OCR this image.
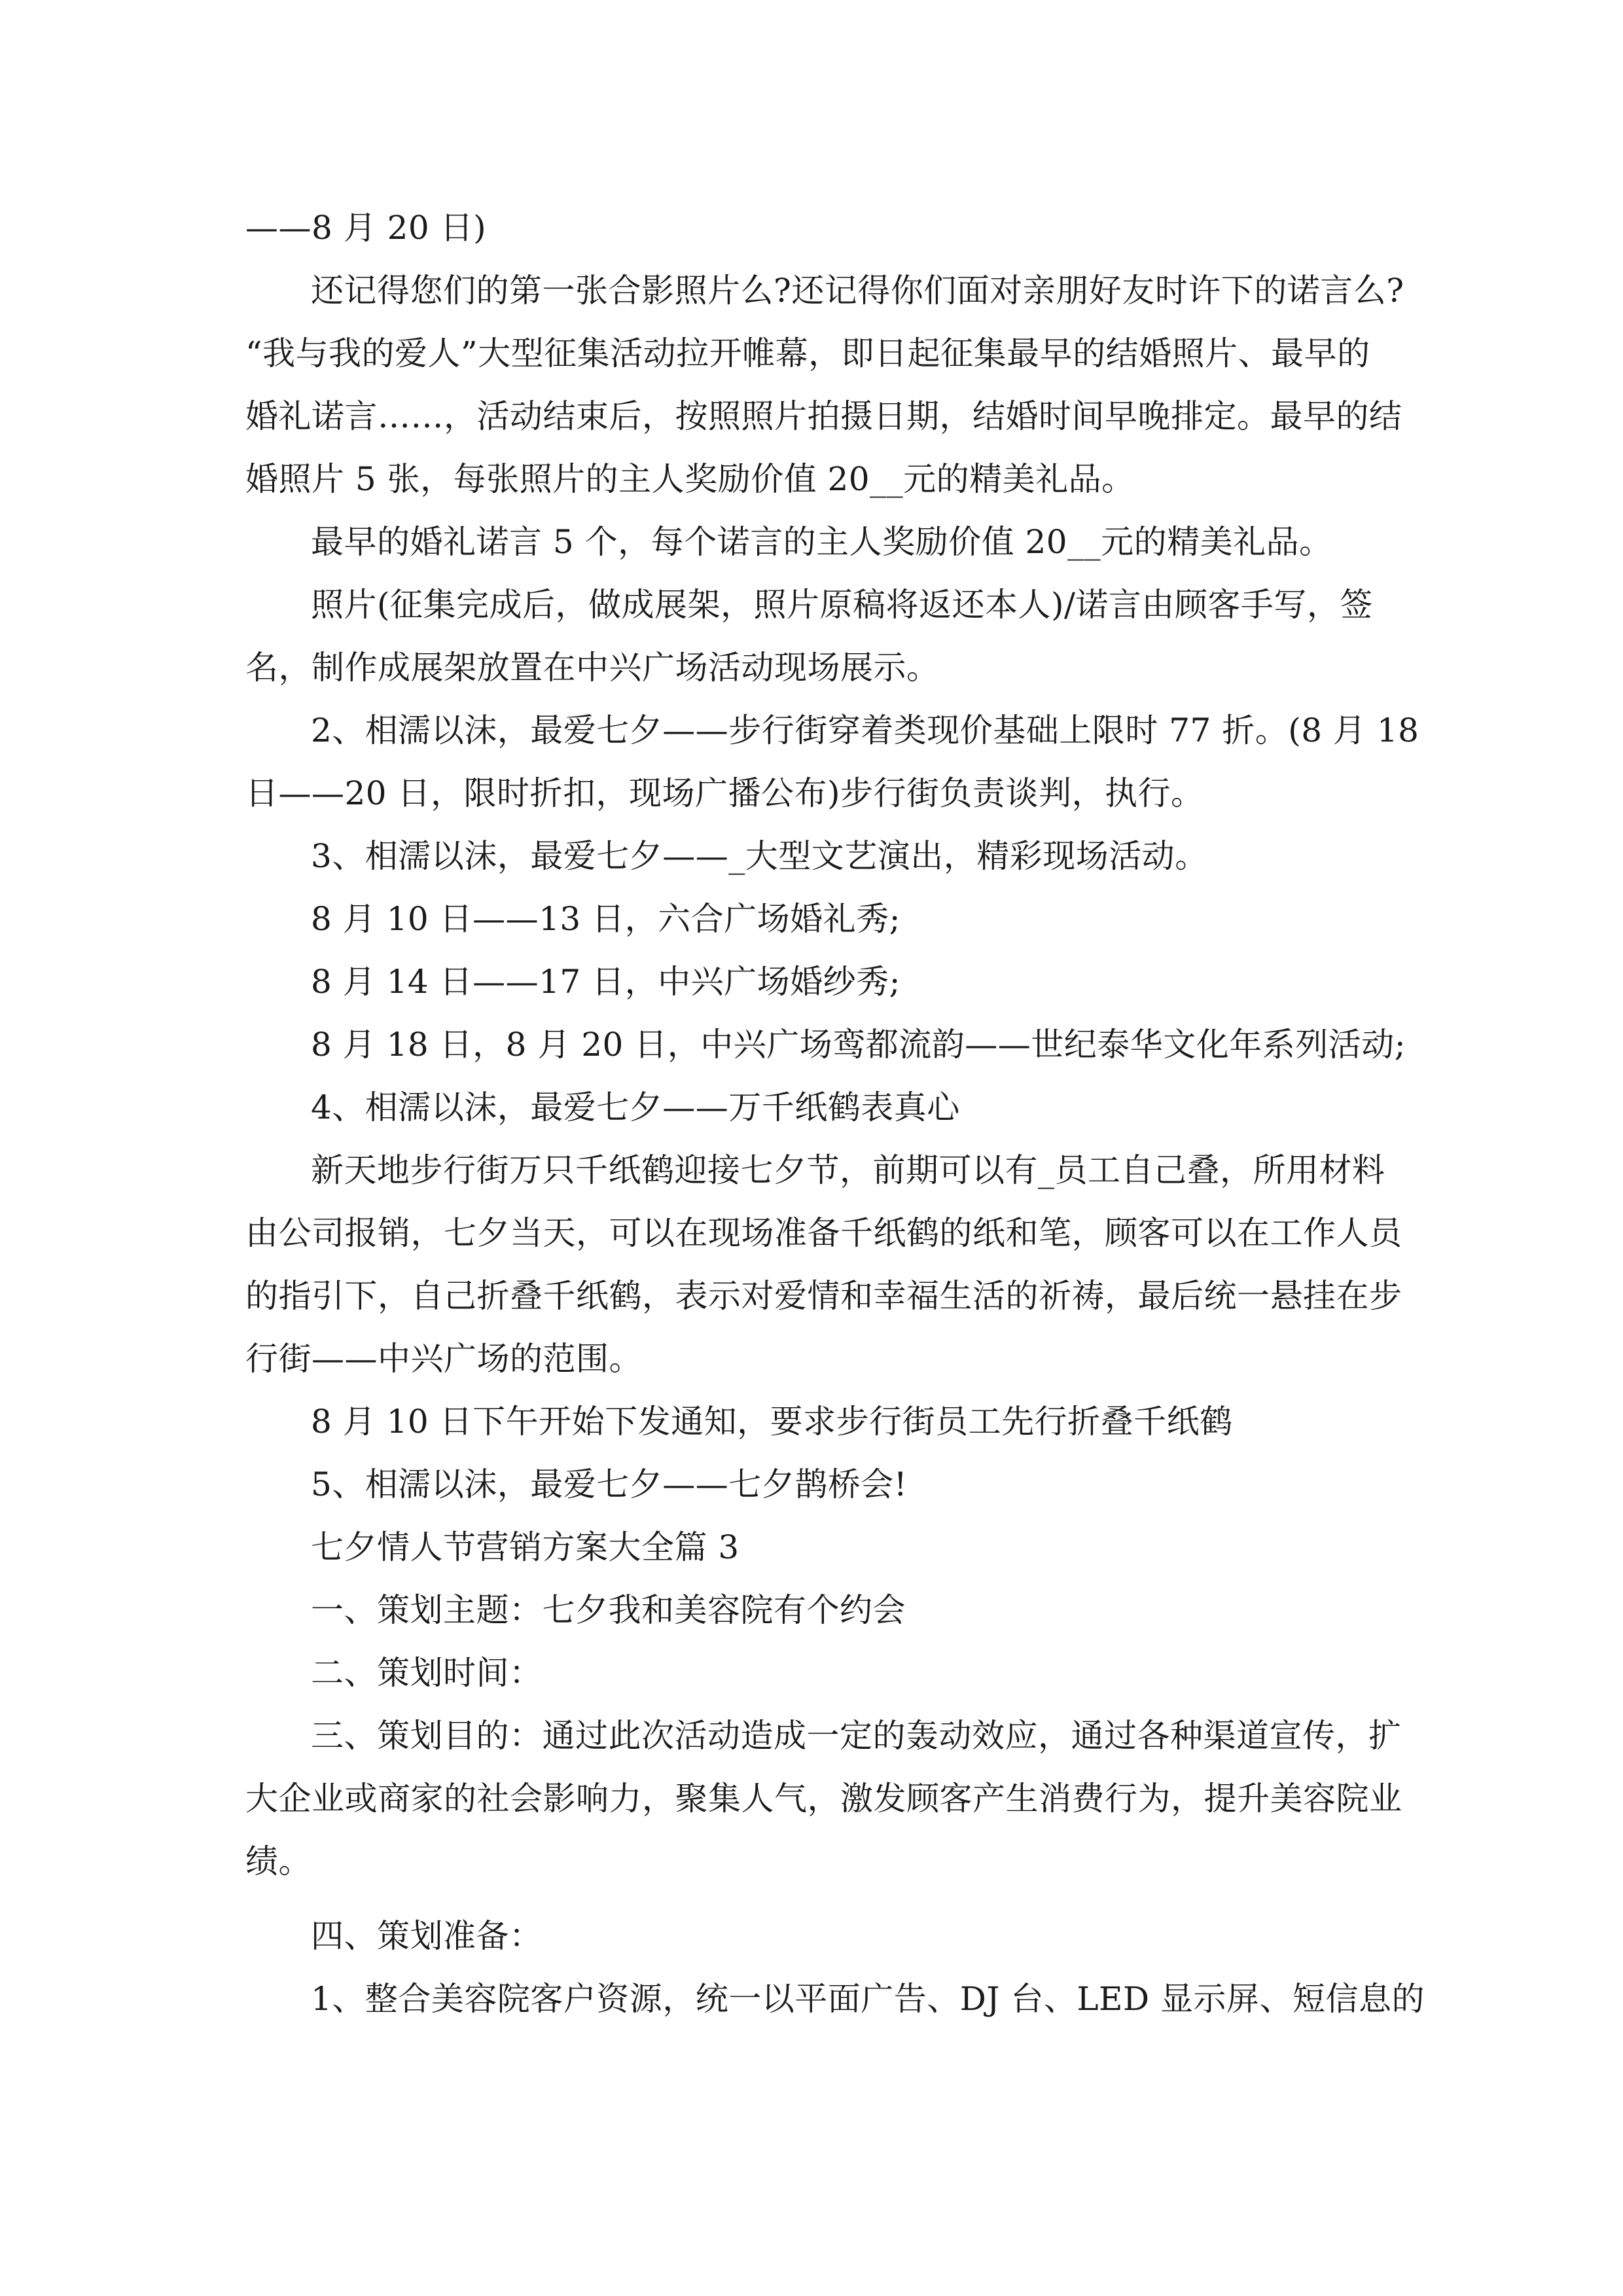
——8 月 20 日)
还记得您们的第一张合影照片么?还记得你们面对亲朋好友时许下的诺言么?
“我与我的爱人”大型征集活动拉开帷幕，即日起征集最早的结婚照片、最早的
婚礼诺言……，活动结束后，按照照片拍摄日期，结婚时间早晚排定。最早的结
婚照片 5 张，每张照片的主人奖励价值 20__元的精美礼品。
最早的婚礼诺言 5 个，每个诺言的主人奖励价值 20__元的精美礼品。
照片(征集完成后，做成展架，照片原稿将返还本人)/诺言由顾客手写，签
名，制作成展架放置在中兴广场活动现场展示。
2、相濡以沫，最爱七夕——步行街穿着类现价基础上限时 77 折。(8 月 18
日——20 日，限时折扣，现场广播公布)步行街负责谈判，执行。
3、相濡以沫，最爱七夕——_大型文艺演出，精彩现场活动。
8 月 10 日——13 日，六合广场婚礼秀;
8 月 14 日——17 日，中兴广场婚纱秀;
8 月 18 日，8 月 20 日，中兴广场鸾都流韵——世纪泰华文化年系列活动;
4、相濡以沫，最爱七夕——万千纸鹤表真心
新天地步行街万只千纸鹤迎接七夕节，前期可以有_员工自己叠，所用材料
由公司报销，七夕当天，可以在现场准备千纸鹤的纸和笔，顾客可以在工作人员
的指引下，自己折叠千纸鹤，表示对爱情和幸福生活的祈祷，最后统一悬挂在步
行街——中兴广场的范围。
8 月 10 日下午开始下发通知，要求步行街员工先行折叠千纸鹤
5、相濡以沫，最爱七夕——七夕鹊桥会!
七夕情人节营销方案大全篇 3
一、策划主题：七夕我和美容院有个约会
二、策划时间：
三、策划目的：通过此次活动造成一定的轰动效应，通过各种渠道宣传，扩
大企业或商家的社会影响力，聚集人气，激发顾客产生消费行为，提升美容院业
绩。
四、策划准备：
1、整合美容院客户资源，统一以平面广告、DJ 台、LED 显示屏、短信息的
